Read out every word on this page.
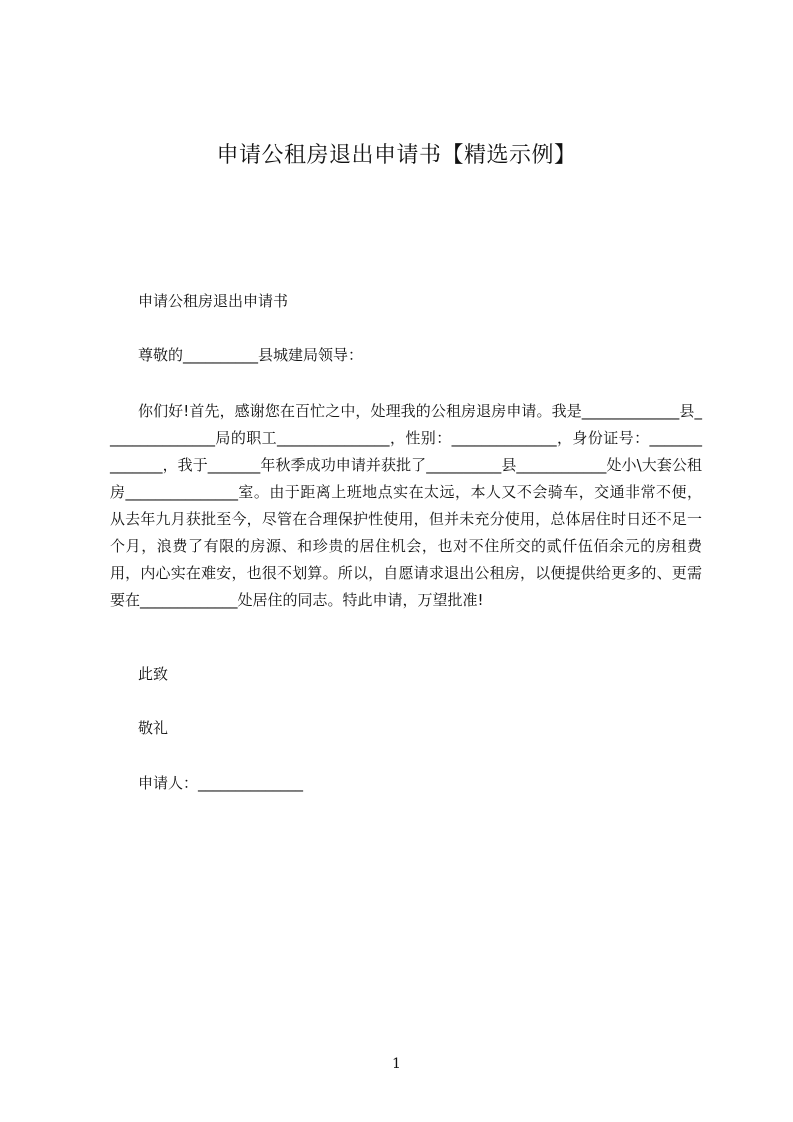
申请公租房退出申请书【精选示例】

申请公租房退出申请书

尊敬的__________县城建局领导：

你们好!首先，感谢您在百忙之中，处理我的公租房退房申请。我是_____________县_______________局的职工_______________，性别：______________，身份证号：______________，我于_______年秋季成功申请并获批了__________县____________处小\大套公租房_______________室。由于距离上班地点实在太远，本人又不会骑车，交通非常不便，从去年九月获批至今，尽管在合理保护性使用，但并未充分使用，总体居住时日还不足一个月，浪费了有限的房源、和珍贵的居住机会，也对不住所交的贰仟伍佰余元的房租费用，内心实在难安，也很不划算。所以，自愿请求退出公租房，以便提供给更多的、更需要在_____________处居住的同志。特此申请，万望批准!

此致

敬礼

申请人：______________

1
